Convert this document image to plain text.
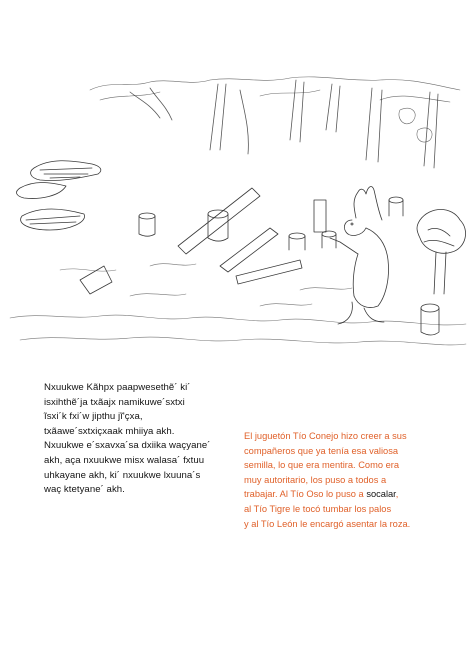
Nxuukwe Kãhpx paapwesethẽ´ ki´
isxihthẽ´ja txãajx namikuwe´sxtxi
ĩsxi´k fxi´w jipthu jĩ'çxa,
txãawe´sxtxiçxaak mhiiya akh.
Nxuukwe e´sxavxa´sa dxiika waçyane´
akh, aça nxuukwe misx walasa´ fxtuu
uhkayane akh, ki´ nxuukwe lxuuna´s
waç ktetyane´ akh.
El juguetón Tío Conejo hizo creer a sus
compañeros que ya tenía esa valiosa
semilla, lo que era mentira. Como era
muy autoritario, los puso a todos a
trabajar. Al Tío Oso lo puso a socalar,
al Tío Tigre le tocó tumbar los palos
y al Tío León le encargó asentar la roza.
